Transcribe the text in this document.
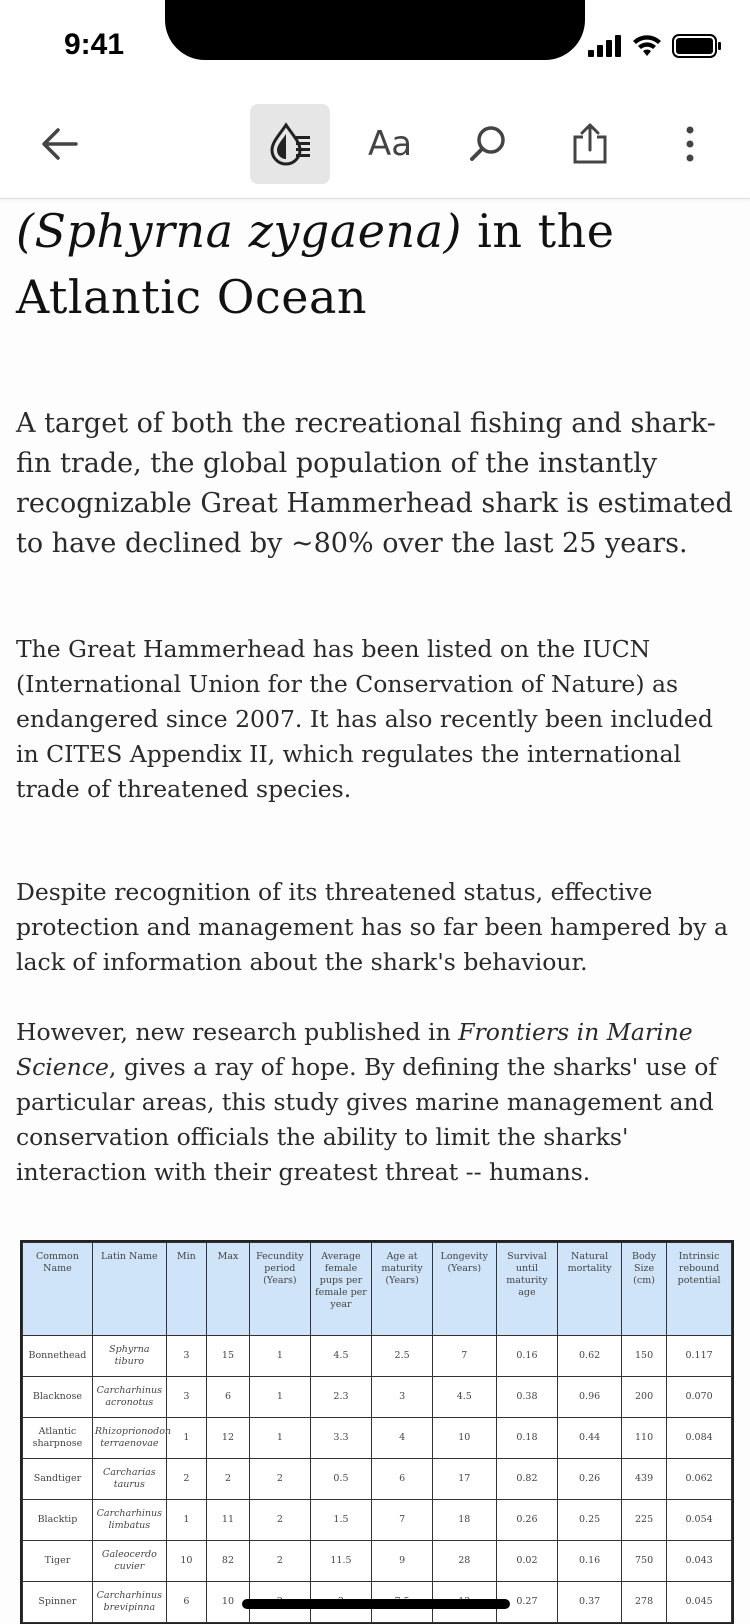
9:41
Aa
(Sphyrna zygaena) in the Atlantic Ocean

A target of both the recreational fishing and shark-fin trade, the global population of the instantly recognizable Great Hammerhead shark is estimated to have declined by ~80% over the last 25 years.

The Great Hammerhead has been listed on the IUCN (International Union for the Conservation of Nature) as endangered since 2007. It has also recently been included in CITES Appendix II, which regulates the international trade of threatened species.

Despite recognition of its threatened status, effective protection and management has so far been hampered by a lack of information about the shark's behaviour.

However, new research published in Frontiers in Marine Science, gives a ray of hope. By defining the sharks' use of particular areas, this study gives marine management and conservation officials the ability to limit the sharks' interaction with their greatest threat -- humans.

Common Name	Latin Name	Min	Max	Fecundity period (Years)	Average female pups per female per year	Age at maturity (Years)	Longevity (Years)	Survival until maturity age	Natural mortality	Body Size (cm)	Intrinsic rebound potential
Bonnethead	Sphyrna tiburo	3	15	1	4.5	2.5	7	0.16	0.62	150	0.117
Blacknose	Carcharhinus acronotus	3	6	1	2.3	3	4.5	0.38	0.96	200	0.070
Atlantic sharpnose	Rhizoprionodon terraenovae	1	12	1	3.3	4	10	0.18	0.44	110	0.084
Sandtiger	Carcharias taurus	2	2	2	0.5	6	17	0.82	0.26	439	0.062
Blacktip	Carcharhinus limbatus	1	11	2	1.5	7	18	0.26	0.25	225	0.054
Tiger	Galeocerdo cuvier	10	82	2	11.5	9	28	0.02	0.16	750	0.043
Spinner	Carcharhinus brevipinna	6	10					0.27	0.37	278	0.045
